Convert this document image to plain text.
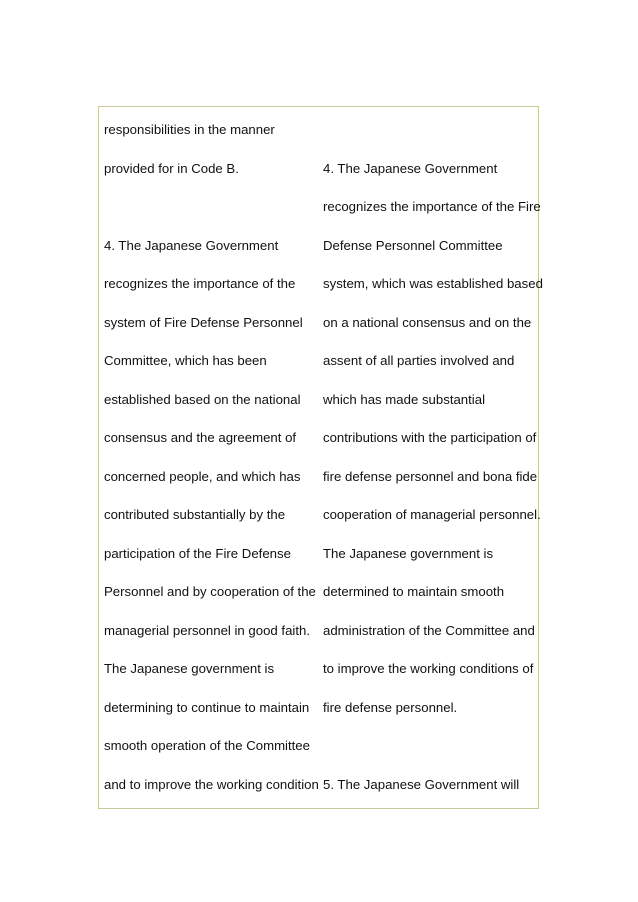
responsibilities in the manner
provided for in Code B.
4. The Japanese Government
recognizes the importance of the
system of Fire Defense Personnel
Committee, which has been
established based on the national
consensus and the agreement of
concerned people, and which has
contributed substantially by the
participation of the Fire Defense
Personnel and by cooperation of the
managerial personnel in good faith.
The Japanese government is
determining to continue to maintain
smooth operation of the Committee
and to improve the working condition
4. The Japanese Government
recognizes the importance of the Fire
Defense Personnel Committee
system, which was established based
on a national consensus and on the
assent of all parties involved and
which has made substantial
contributions with the participation of
fire defense personnel and bona fide
cooperation of managerial personnel.
The Japanese government is
determined to maintain smooth
administration of the Committee and
to improve the working conditions of
fire defense personnel.
5. The Japanese Government will
